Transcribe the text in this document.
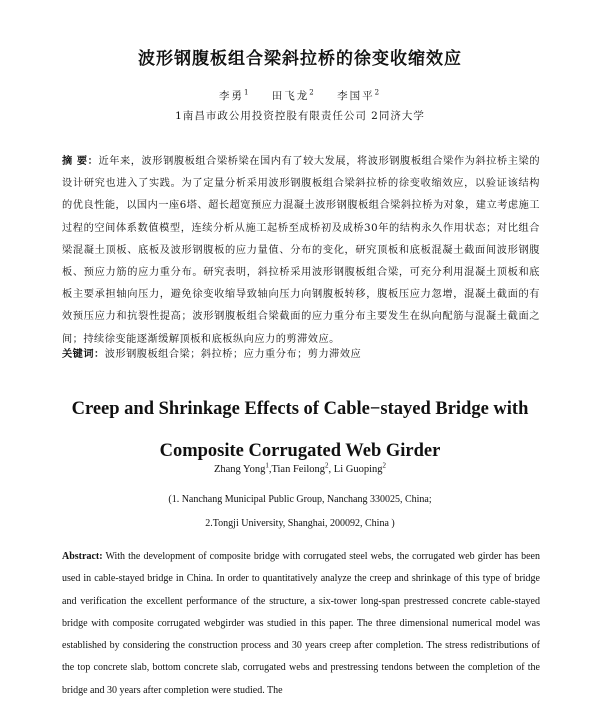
波形钢腹板组合梁斜拉桥的徐变收缩效应
李勇$^1$ 田飞龙$^2$ 李国平$^2$
1南昌市政公用投资控股有限责任公司 2同济大学
摘 要：近年来，波形钢腹板组合梁桥梁在国内有了较大发展，将波形钢腹板组合梁作为斜拉桥主梁的设计研究也进入了实践。为了定量分析采用波形钢腹板组合梁斜拉桥的徐变收缩效应，以验证该结构的优良性能，以国内一座6塔、超长超宽预应力混凝土波形钢腹板组合梁斜拉桥为对象，建立考虑施工过程的空间体系数值模型，连续分析从施工起桥至成桥初及成桥30年的结构永久作用状态；对比组合梁混凝土顶板、底板及波形钢腹板的应力量值、分布的变化，研究顶板和底板混凝土截面间波形钢腹板、预应力筋的应力重分布。研究表明，斜拉桥采用波形钢腹板组合梁，可充分利用混凝土顶板和底板主要承担轴向压力，避免徐变收缩导致轴向压力向钢腹板转移，腹板压应力忽增，混凝土截面的有效预压应力和抗裂性提高；波形钢腹板组合梁截面的应力重分布主要发生在纵向配筋与混凝土截面之间；持续徐变能逐渐缓解顶板和底板纵向应力的剪滞效应。
关键词：波形钢腹板组合梁；斜拉桥；应力重分布；剪力滞效应
Creep and Shrinkage Effects of Cable−stayed Bridge with
Composite Corrugated Web Girder
Zhang Yong$^1$,Tian Feilong$^2$, Li Guoping$^2$
(1. Nanchang Municipal Public Group, Nanchang 330025, China;
2.Tongji University, Shanghai, 200092, China )
Abstract: With the development of composite bridge with corrugated steel webs, the corrugated web girder has been used in cable-stayed bridge in China. In order to quantitatively analyze the creep and shrinkage of this type of bridge and verification the excellent performance of the structure, a six-tower long-span prestressed concrete cable-stayed bridge with composite corrugated webgirder was studied in this paper. The three dimensional numerical model was established by considering the construction process and 30 years creep after completion. The stress redistributions of the top concrete slab, bottom concrete slab, corrugated webs and prestressing tendons between the completion of the bridge and 30 years after completion were studied. The
